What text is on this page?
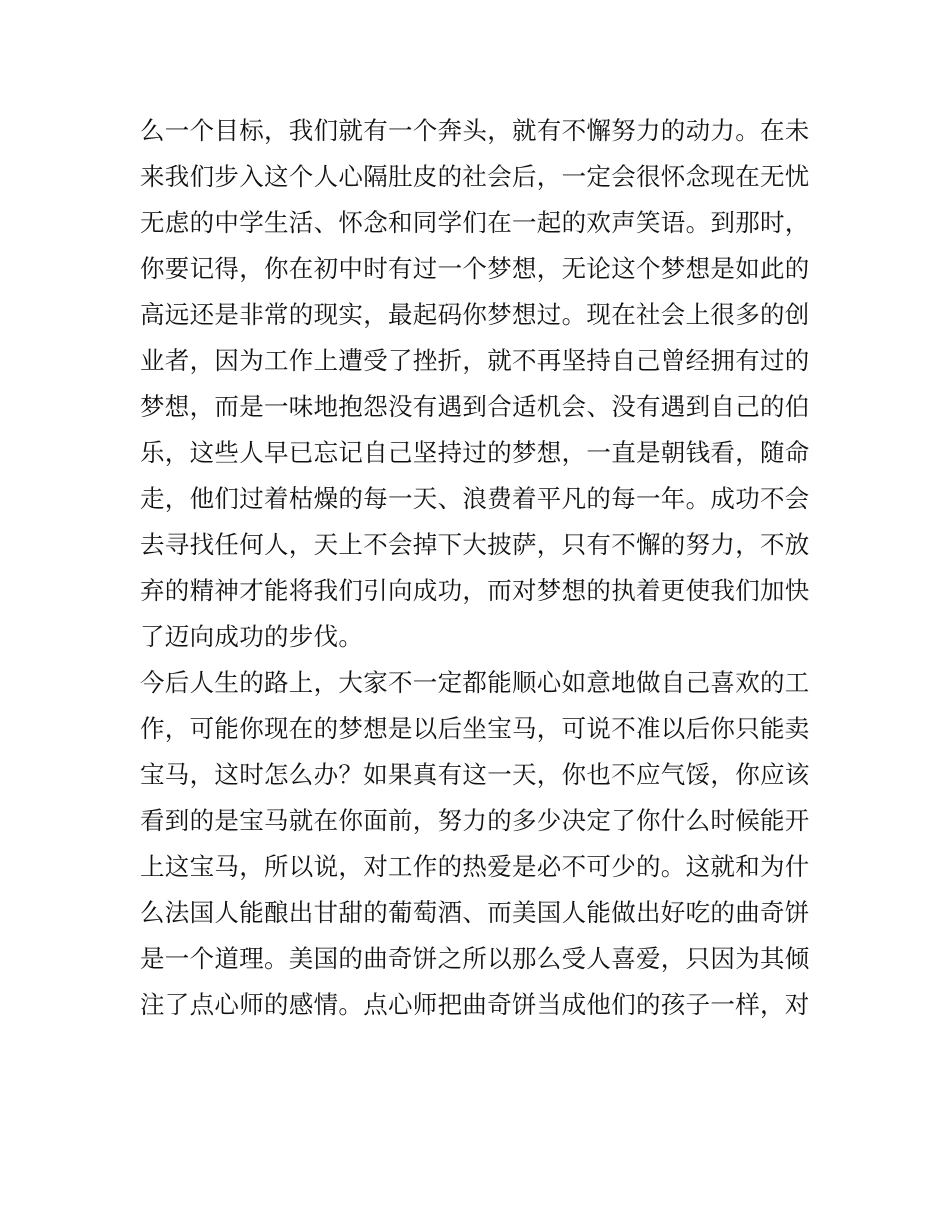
么一个目标，我们就有一个奔头，就有不懈努力的动力。在未
来我们步入这个人心隔肚皮的社会后，一定会很怀念现在无忧
无虑的中学生活、怀念和同学们在一起的欢声笑语。到那时，
你要记得，你在初中时有过一个梦想，无论这个梦想是如此的
高远还是非常的现实，最起码你梦想过。现在社会上很多的创
业者，因为工作上遭受了挫折，就不再坚持自己曾经拥有过的
梦想，而是一味地抱怨没有遇到合适机会、没有遇到自己的伯
乐，这些人早已忘记自己坚持过的梦想，一直是朝钱看，随命
走，他们过着枯燥的每一天、浪费着平凡的每一年。成功不会
去寻找任何人，天上不会掉下大披萨，只有不懈的努力，不放
弃的精神才能将我们引向成功，而对梦想的执着更使我们加快
了迈向成功的步伐。
今后人生的路上，大家不一定都能顺心如意地做自己喜欢的工
作，可能你现在的梦想是以后坐宝马，可说不准以后你只能卖
宝马，这时怎么办？如果真有这一天，你也不应气馁，你应该
看到的是宝马就在你面前，努力的多少决定了你什么时候能开
上这宝马，所以说，对工作的热爱是必不可少的。这就和为什
么法国人能酿出甘甜的葡萄酒、而美国人能做出好吃的曲奇饼
是一个道理。美国的曲奇饼之所以那么受人喜爱，只因为其倾
注了点心师的感情。点心师把曲奇饼当成他们的孩子一样，对
